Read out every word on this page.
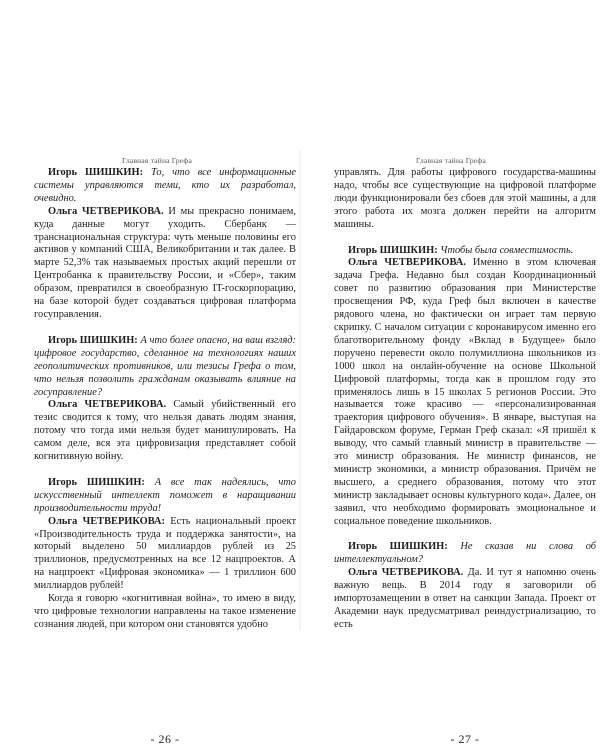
Главная тайна Грефа

Игорь ШИШКИН: То, что все информационные системы управляются теми, кто их разработал, очевидно.

Ольга ЧЕТВЕРИКОВА. И мы прекрасно понимаем, куда данные могут уходить. Сбербанк — транснациональная структура: чуть меньше половины его активов у компаний США, Великобритании и так далее. В марте 52,3% так называемых простых акций перешли от Центробанка к правительству России, и «Сбер», таким образом, превратился в своеобразную IT-госкорпорацию, на базе которой будет создаваться цифровая платформа госуправления.

Игорь ШИШКИН: А что более опасно, на ваш взгляд: цифровое государство, сделанное на технологиях наших геополитических противников, или тезисы Грефа о том, что нельзя позволить гражданам оказывать влияние на госуправление?

Ольга ЧЕТВЕРИКОВА. Самый убийственный его тезис сводится к тому, что нельзя давать людям знания, потому что тогда ими нельзя будет манипулировать. На самом деле, вся эта цифровизация представляет собой когнитивную войну.

Игорь ШИШКИН: А все так надеялись, что искусственный интеллект поможет в наращивании производительности труда!

Ольга ЧЕТВЕРИКОВА: Есть национальный проект «Производительность труда и поддержка занятости», на который выделено 50 миллиардов рублей из 25 триллионов, предусмотренных на все 12 нацпроектов. А на нацпроект «Цифровая экономика» — 1 триллион 600 миллиардов рублей!

Когда я говорю «когнитивная война», то имею в виду, что цифровые технологии направлены на такое изменение сознания людей, при котором они становятся удобно

- 26 -
Главная тайна Грефа

управлять. Для работы цифрового государства-машины надо, чтобы все существующие на цифровой платформе люди функционировали без сбоев для этой машины, а для этого работа их мозга должен перейти на алгоритм машины.

Игорь ШИШКИН: Чтобы была совместимость.

Ольга ЧЕТВЕРИКОВА. Именно в этом ключевая задача Грефа. Недавно был создан Координационный совет по развитию образования при Министерстве просвещения РФ, куда Греф был включен в качестве рядового члена, но фактически он играет там первую скрипку. С началом ситуации с коронавирусом именно его благотворительному фонду «Вклад в Будущее» было поручено перевести около полумиллиона школьников из 1000 школ на онлайн-обучение на основе Школьной Цифровой платформы, тогда как в прошлом году это применялось лишь в 15 школах 5 регионов России. Это называется тоже красиво — «персонализированная траектория цифрового обучения». В январе, выступая на Гайдаровском форуме, Герман Греф сказал: «Я пришёл к выводу, что самый главный министр в правительстве — это министр образования. Не министр финансов, не министр экономики, а министр образования. Причём не высшего, а среднего образования, потому что этот министр закладывает основы культурного кода». Далее, он заявил, что необходимо формировать эмоциональное и социальное поведение школьников.

Игорь ШИШКИН: Не сказав ни слова об интеллектуальном?

Ольга ЧЕТВЕРИКОВА. Да. И тут я напомню очень важную вещь. В 2014 году я заговорили об импортозамещении в ответ на санкции Запада. Проект от Академии наук предусматривал реиндустриализацию, то есть

- 27 -
